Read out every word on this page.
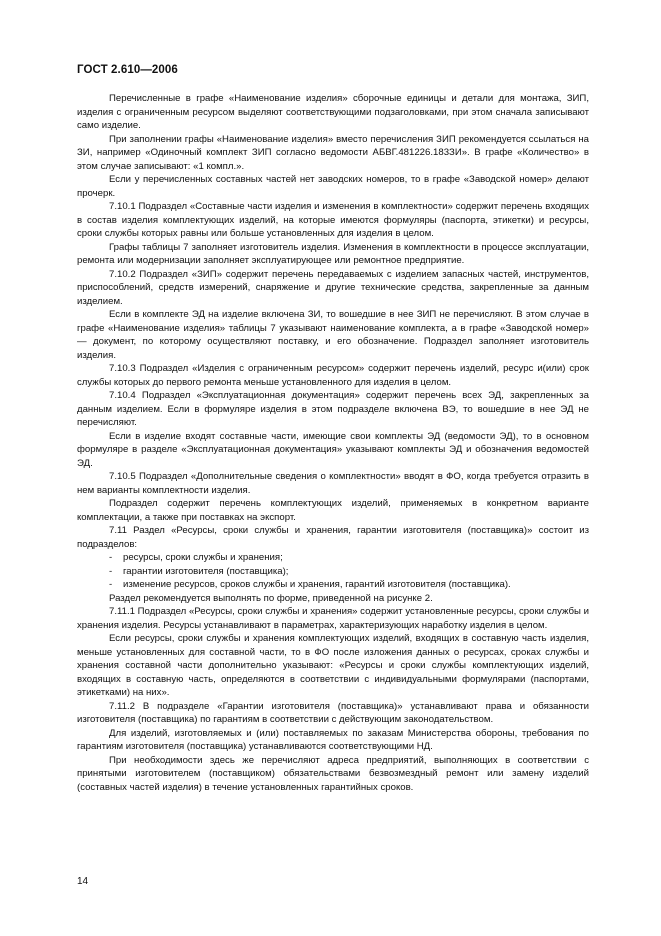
ГОСТ 2.610—2006

Перечисленные в графе «Наименование изделия» сборочные единицы и детали для монтажа, ЗИП, изделия с ограниченным ресурсом выделяют соответствующими подзаголовками, при этом сначала записывают само изделие.

При заполнении графы «Наименование изделия» вместо перечисления ЗИП рекомендуется ссылаться на ЗИ, например «Одиночный комплект ЗИП согласно ведомости АБВГ.481226.183ЗИ». В графе «Количество» в этом случае записывают: «1 компл.».

Если у перечисленных составных частей нет заводских номеров, то в графе «Заводской номер» делают прочерк.

7.10.1 Подраздел «Составные части изделия и изменения в комплектности» содержит перечень входящих в состав изделия комплектующих изделий, на которые имеются формуляры (паспорта, этикетки) и ресурсы, сроки службы которых равны или больше установленных для изделия в целом.

Графы таблицы 7 заполняет изготовитель изделия. Изменения в комплектности в процессе эксплуатации, ремонта или модернизации заполняет эксплуатирующее или ремонтное предприятие.

7.10.2 Подраздел «ЗИП» содержит перечень передаваемых с изделием запасных частей, инструментов, приспособлений, средств измерений, снаряжение и другие технические средства, закрепленные за данным изделием.

Если в комплекте ЭД на изделие включена ЗИ, то вошедшие в нее ЗИП не перечисляют. В этом случае в графе «Наименование изделия» таблицы 7 указывают наименование комплекта, а в графе «Заводской номер» — документ, по которому осуществляют поставку, и его обозначение. Подраздел заполняет изготовитель изделия.

7.10.3 Подраздел «Изделия с ограниченным ресурсом» содержит перечень изделий, ресурс и(или) срок службы которых до первого ремонта меньше установленного для изделия в целом.

7.10.4 Подраздел «Эксплуатационная документация» содержит перечень всех ЭД, закрепленных за данным изделием. Если в формуляре изделия в этом подразделе включена ВЭ, то вошедшие в нее ЭД не перечисляют.

Если в изделие входят составные части, имеющие свои комплекты ЭД (ведомости ЭД), то в основном формуляре в разделе «Эксплуатационная документация» указывают комплекты ЭД и обозначения ведомостей ЭД.

7.10.5 Подраздел «Дополнительные сведения о комплектности» вводят в ФО, когда требуется отразить в нем варианты комплектности изделия.

Подраздел содержит перечень комплектующих изделий, применяемых в конкретном варианте комплектации, а также при поставках на экспорт.

7.11 Раздел «Ресурсы, сроки службы и хранения, гарантии изготовителя (поставщика)» состоит из подразделов:

- ресурсы, сроки службы и хранения;

- гарантии изготовителя (поставщика);

- изменение ресурсов, сроков службы и хранения, гарантий изготовителя (поставщика).

Раздел рекомендуется выполнять по форме, приведенной на рисунке 2.

7.11.1 Подраздел «Ресурсы, сроки службы и хранения» содержит установленные ресурсы, сроки службы и хранения изделия. Ресурсы устанавливают в параметрах, характеризующих наработку изделия в целом.

Если ресурсы, сроки службы и хранения комплектующих изделий, входящих в составную часть изделия, меньше установленных для составной части, то в ФО после изложения данных о ресурсах, сроках службы и хранения составной части дополнительно указывают: «Ресурсы и сроки службы комплектующих изделий, входящих в составную часть, определяются в соответствии с индивидуальными формулярами (паспортами, этикетками) на них».

7.11.2 В подразделе «Гарантии изготовителя (поставщика)» устанавливают права и обязанности изготовителя (поставщика) по гарантиям в соответствии с действующим законодательством.

Для изделий, изготовляемых и (или) поставляемых по заказам Министерства обороны, требования по гарантиям изготовителя (поставщика) устанавливаются соответствующими НД.

При необходимости здесь же перечисляют адреса предприятий, выполняющих в соответствии с принятыми изготовителем (поставщиком) обязательствами безвозмездный ремонт или замену изделий (составных частей изделия) в течение установленных гарантийных сроков.

14
